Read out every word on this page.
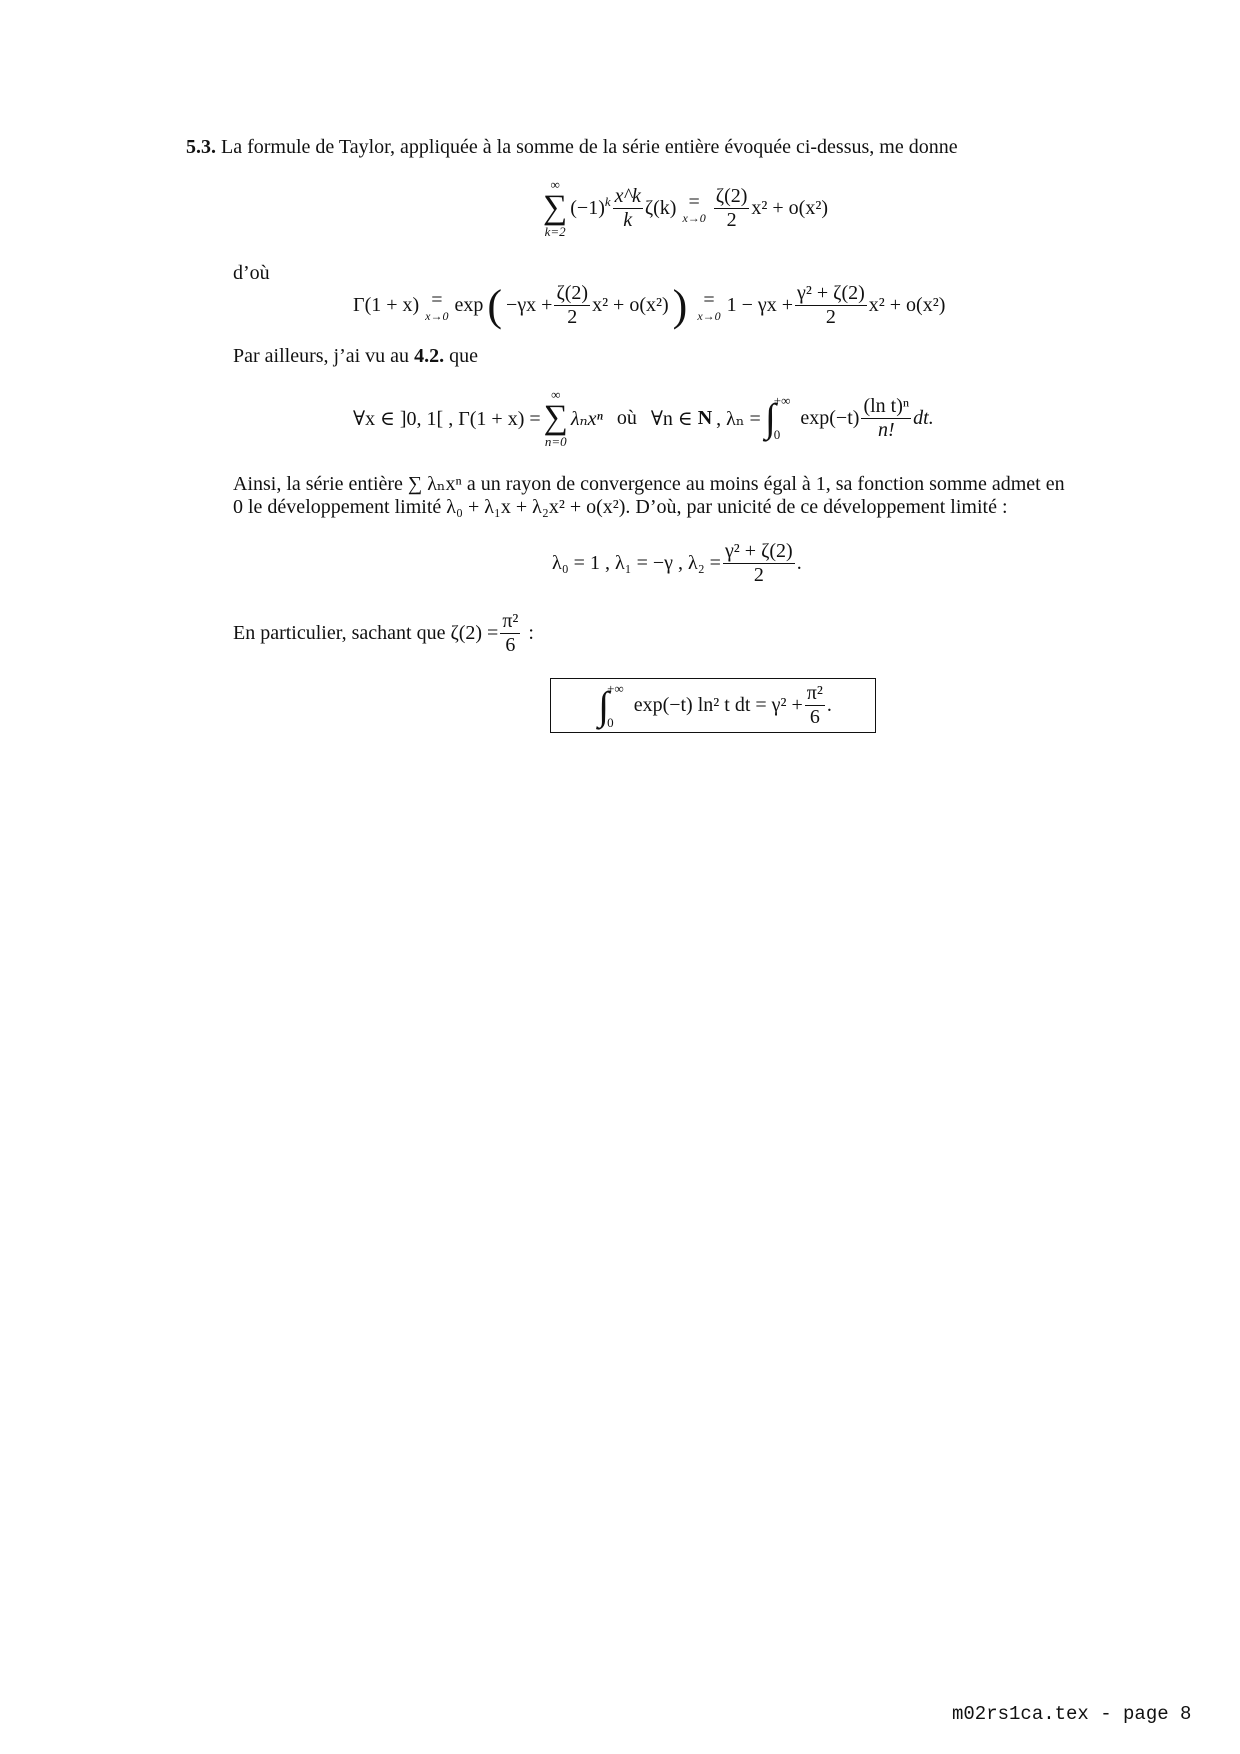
5.3. La formule de Taylor, appliquée à la somme de la série entière évoquée ci-dessus, me donne
∞
∑
k=2
$(-1)^k \frac{x\^{}k}{k} \zeta(k)$ =
$x\to 0 \frac{\zeta(2)}{2} x^2 + o(x^2)$
d’où
Γ(1 + x) =
x→0 exp ( $-\gamma x + \frac{\zeta(2)}{2} x^2 + o(x^2)$ ) =
x→0 $1 - \gamma x + \frac{\text{γ² + ζ(2)}}{2} x^2 + o(x^2)$
Par ailleurs, j’ai vu au 4.2. que
∀x ∈ ]0, 1[ , Γ(1 + x) =
∞
∑
n=0
λₙxⁿ où ∀n ∈
N , λₙ = ∫
+∞
0
$\exp(-t) \frac{\text{(ln t)ⁿ}}{n!}$ dt.
Ainsi, la série entière ∑ λₙxⁿ a un rayon de convergence au moins égal à 1, sa fonction somme admet en
0 le développement limité λ₀ + λ₁x + λ₂x² + o(x²). D’où, par unicité de ce développement limité :
λ₀ = 1 , λ₁ = −γ , $\lambda_2 = \frac{\text{γ² + ζ(2)}}{2}$ .
En particulier, sachant que $\zeta(2) = \frac{\text{π²}}{6}$ :
∫
+∞
0
exp(−t) ln² t dt = $\gamma^2 + \frac{\text{π²}}{6}$ .
m02rs1ca.tex - page 8
